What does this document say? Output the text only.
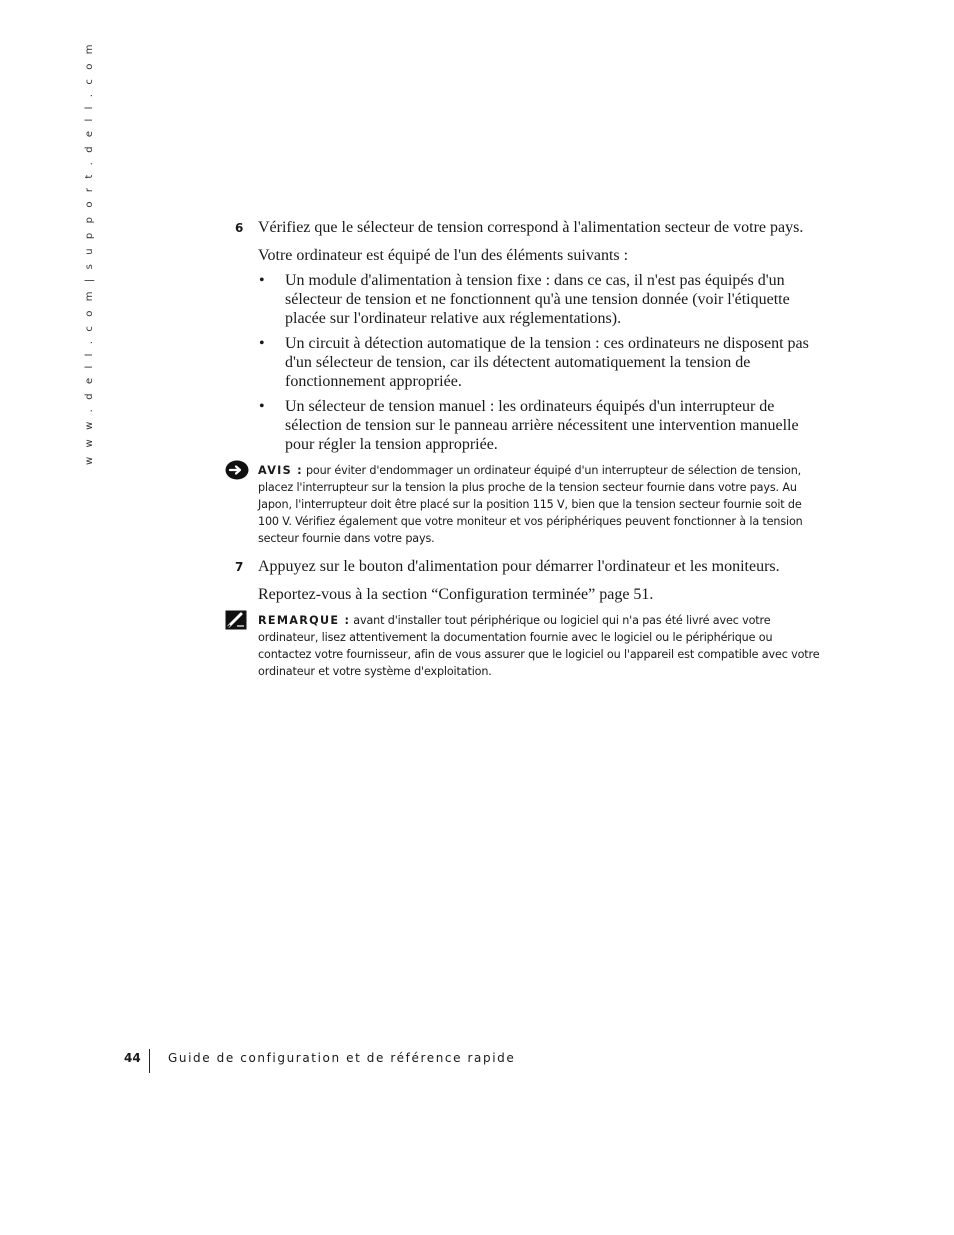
w w w . d e l l . c o m | s u p p o r t . d e l l . c o m	6 Vérifiez que le sélecteur de tension correspond à l'alimentation secteur de votre pays.

Votre ordinateur est équipé de l'un des éléments suivants :

• Un module d'alimentation à tension fixe : dans ce cas, il n'est pas équipés d'un sélecteur de tension et ne fonctionnent qu'à une tension donnée (voir l'étiquette placée sur l'ordinateur relative aux réglementations).
• Un circuit à détection automatique de la tension : ces ordinateurs ne disposent pas d'un sélecteur de tension, car ils détectent automatiquement la tension de fonctionnement appropriée.
• Un sélecteur de tension manuel : les ordinateurs équipés d'un interrupteur de sélection de tension sur le panneau arrière nécessitent une intervention manuelle pour régler la tension appropriée.

AVIS : pour éviter d'endommager un ordinateur équipé d'un interrupteur de sélection de tension, placez l'interrupteur sur la tension la plus proche de la tension secteur fournie dans votre pays. Au Japon, l'interrupteur doit être placé sur la position 115 V, bien que la tension secteur fournie soit de 100 V. Vérifiez également que votre moniteur et vos périphériques peuvent fonctionner à la tension secteur fournie dans votre pays.

7 Appuyez sur le bouton d'alimentation pour démarrer l'ordinateur et les moniteurs.

Reportez-vous à la section “Configuration terminée” page 51.

REMARQUE : avant d'installer tout périphérique ou logiciel qui n'a pas été livré avec votre ordinateur, lisez attentivement la documentation fournie avec le logiciel ou le périphérique ou contactez votre fournisseur, afin de vous assurer que le logiciel ou l'appareil est compatible avec votre ordinateur et votre système d'exploitation.

44 Guide de configuration et de référence rapide
